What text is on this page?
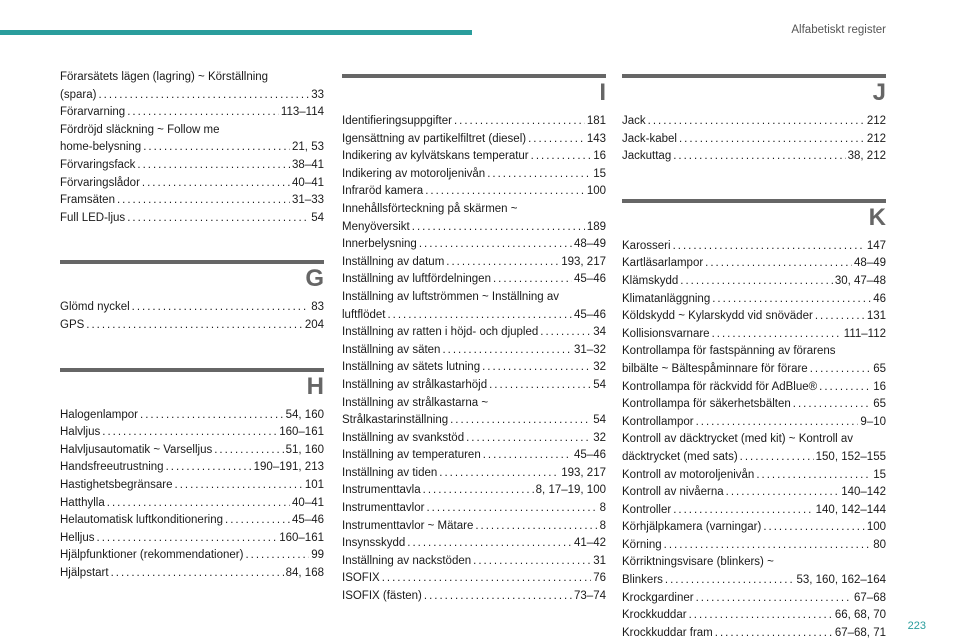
Alfabetiskt register
Förarsätets lägen (lagring) ~ Körställning
(spara) . . .	33
Förarvarning . . .	113–114
Fördröjd släckning ~ Follow me
home-belysning . . .	21, 53
Förvaringsfack . . .	38–41
Förvaringslådor . . .	40–41
Framsäten . . .	31–33
Full LED-ljus . . .	54
G
Glömd nyckel . . .	83
GPS . . .	204
H
Halogenlampor . . .	54, 160
Halvljus . . .	160–161
Halvljusautomatik ~ Varselljus . . .	51, 160
Handsfreeutrustning . . .	190–191, 213
Hastighetsbegränsare . . .	101
Hatthylla . . .	40–41
Helautomatisk luftkonditionering . . .	45–46
Helljus . . .	160–161
Hjälpfunktioner (rekommendationer) . . .	99
Hjälpstart . . .	84, 168
I
Identifieringsuppgifter . . .	181
Igensättning av partikelfiltret (diesel) . . .	143
Indikering av kylvätskans temperatur . . .	16
Indikering av motoroljenivån . . .	15
Infraröd kamera . . .	100
Innehållsförteckning på skärmen ~
Menyöversikt . . .	189
Innerbelysning . . .	48–49
Inställning av datum . . .	193, 217
Inställning av luftfördelningen . . .	45–46
Inställning av luftströmmen ~ Inställning av
luftflödet . . .	45–46
Inställning av ratten i höjd- och djupled . . .	34
Inställning av säten . . .	31–32
Inställning av sätets lutning . . .	32
Inställning av strålkastarhöjd . . .	54
Inställning av strålkastarna ~
Strålkastarinställning . . .	54
Inställning av svankstöd . . .	32
Inställning av temperaturen . . .	45–46
Inställning av tiden . . .	193, 217
Instrumenttavla . . .	8, 17–19, 100
Instrumenttavlor . . .	8
Instrumenttavlor ~ Mätare . . .	8
Insynsskydd . . .	41–42
Inställning av nackstöden . . .	31
ISOFIX . . .	76
ISOFIX (fästen) . . .	73–74
J
Jack . . .	212
Jack-kabel . . .	212
Jackuttag . . .	38, 212
K
Karosseri . . .	147
Kartläsarlampor . . .	48–49
Klämskydd . . .	30, 47–48
Klimatanläggning . . .	46
Köldskydd ~ Kylarskydd vid snöväder . . .	131
Kollisionsvarnare . . .	111–112
Kontrollampa för fastspänning av förarens
bilbälte ~ Bältespåminnare för förare . . .	65
Kontrollampa för räckvidd för AdBlue® . . .	16
Kontrollampa för säkerhetsbälten . . .	65
Kontrollampor . . .	9–10
Kontroll av däcktrycket (med kit) ~ Kontroll av
däcktrycket (med sats) . . .	150, 152–155
Kontroll av motoroljenivån . . .	15
Kontroll av nivåerna . . .	140–142
Kontroller . . .	140, 142–144
Körhjälpkamera (varningar) . . .	100
Körning . . .	80
Körriktningsvisare (blinkers) ~
Blinkers . . .	53, 160, 162–164
Krockgardiner . . .	67–68
Krockkuddar . . .	66, 68, 70
Krockkuddar fram . . .	67–68, 71
223
